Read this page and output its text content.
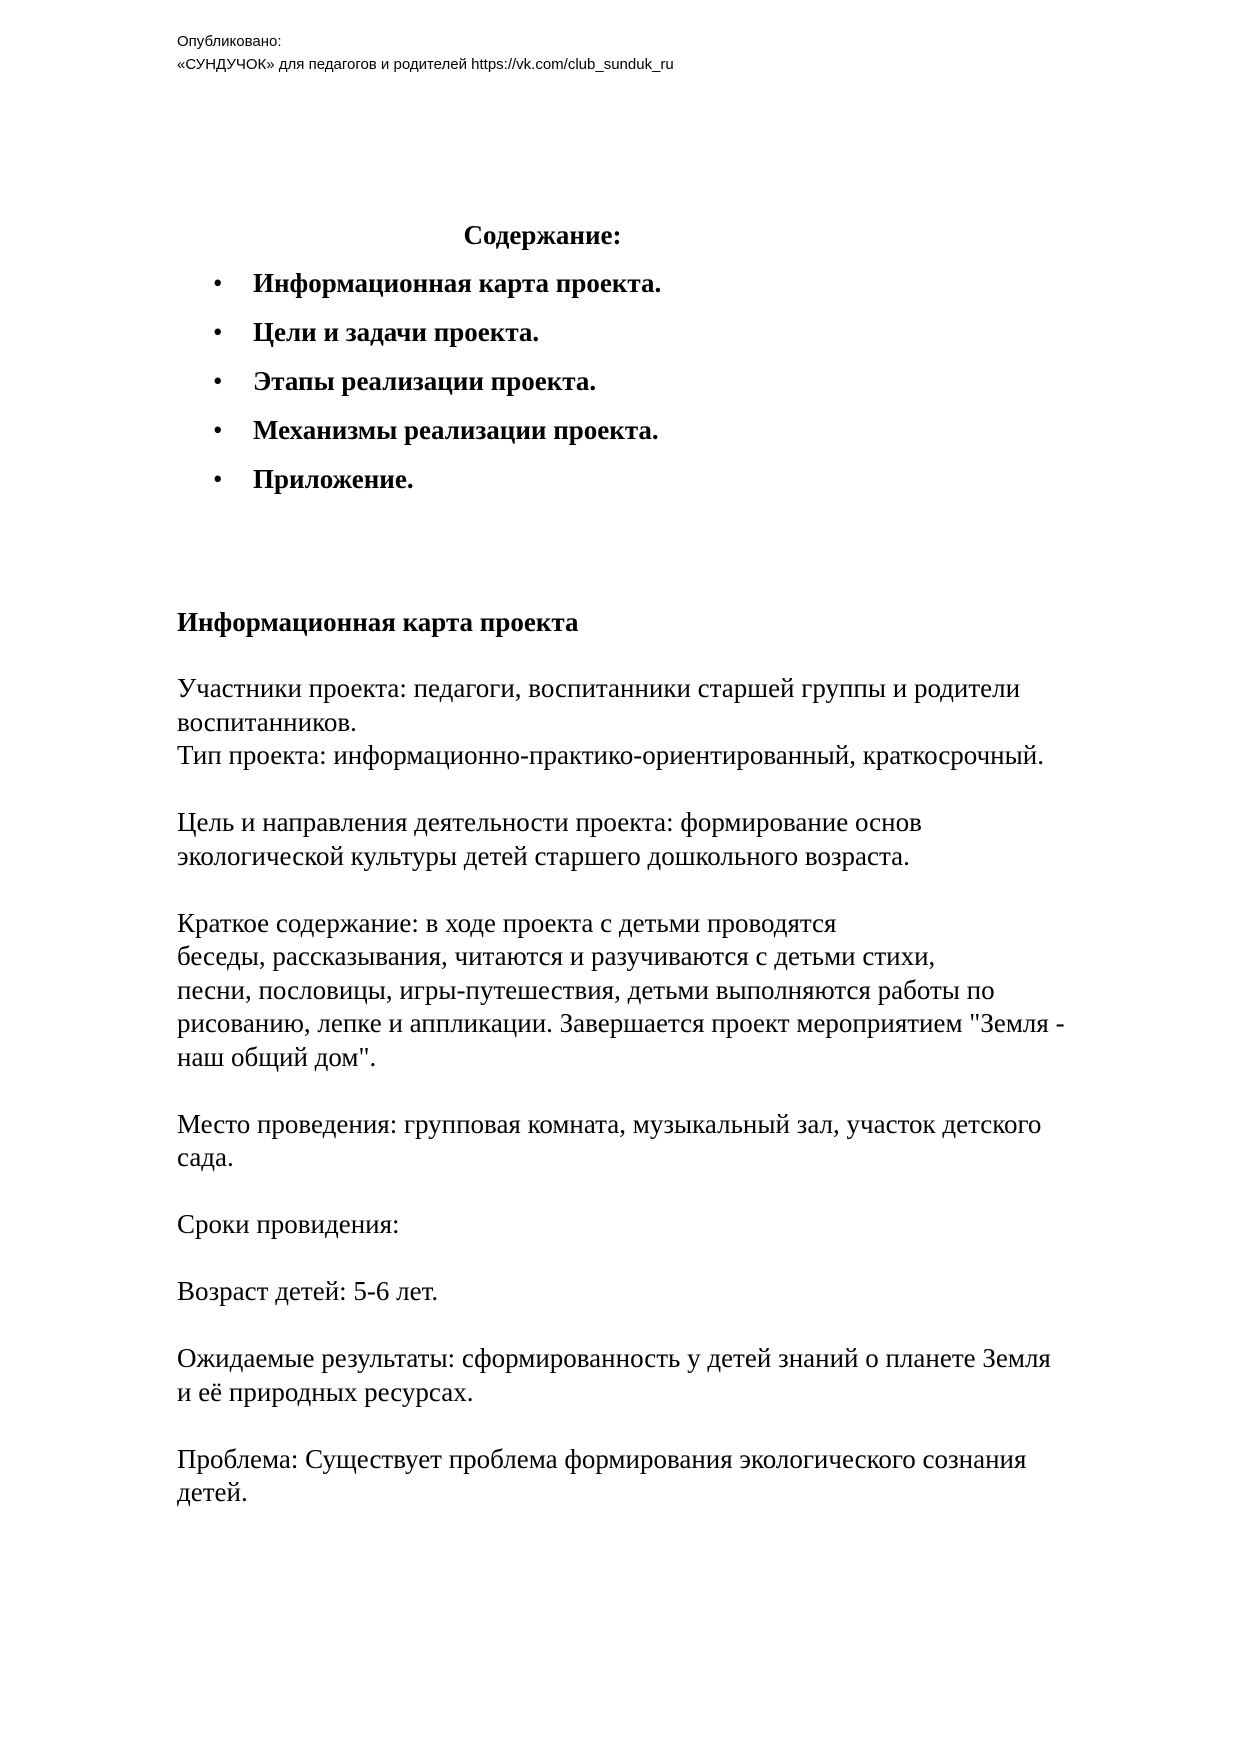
Опубликовано:
«СУНДУЧОК» для педагогов и родителей https://vk.com/club_sunduk_ru
Содержание:
• Информационная карта проекта.
• Цели и задачи проекта.
• Этапы реализации проекта.
• Механизмы реализации проекта.
• Приложение.
Информационная карта проекта

Участники проекта: педагоги, воспитанники старшей группы и родители
воспитанников.

Тип проекта: информационно-практико-ориентированный, краткосрочный.

Цель и направления деятельности проекта: формирование основ
экологической культуры детей старшего дошкольного возраста.

Краткое содержание: в ходе проекта с детьми проводятся
беседы, рассказывания, читаются и разучиваются с детьми стихи,
песни, пословицы, игры-путешествия, детьми выполняются работы по
рисованию, лепке и аппликации. Завершается проект мероприятием "Земля -
наш общий дом".

Место проведения: групповая комната, музыкальный зал, участок детского
сада.

Сроки провидения:

Возраст детей: 5-6 лет.

Ожидаемые результаты: сформированность у детей знаний о планете Земля
и её природных ресурсах.

Проблема: Существует проблема формирования экологического сознания
детей.
